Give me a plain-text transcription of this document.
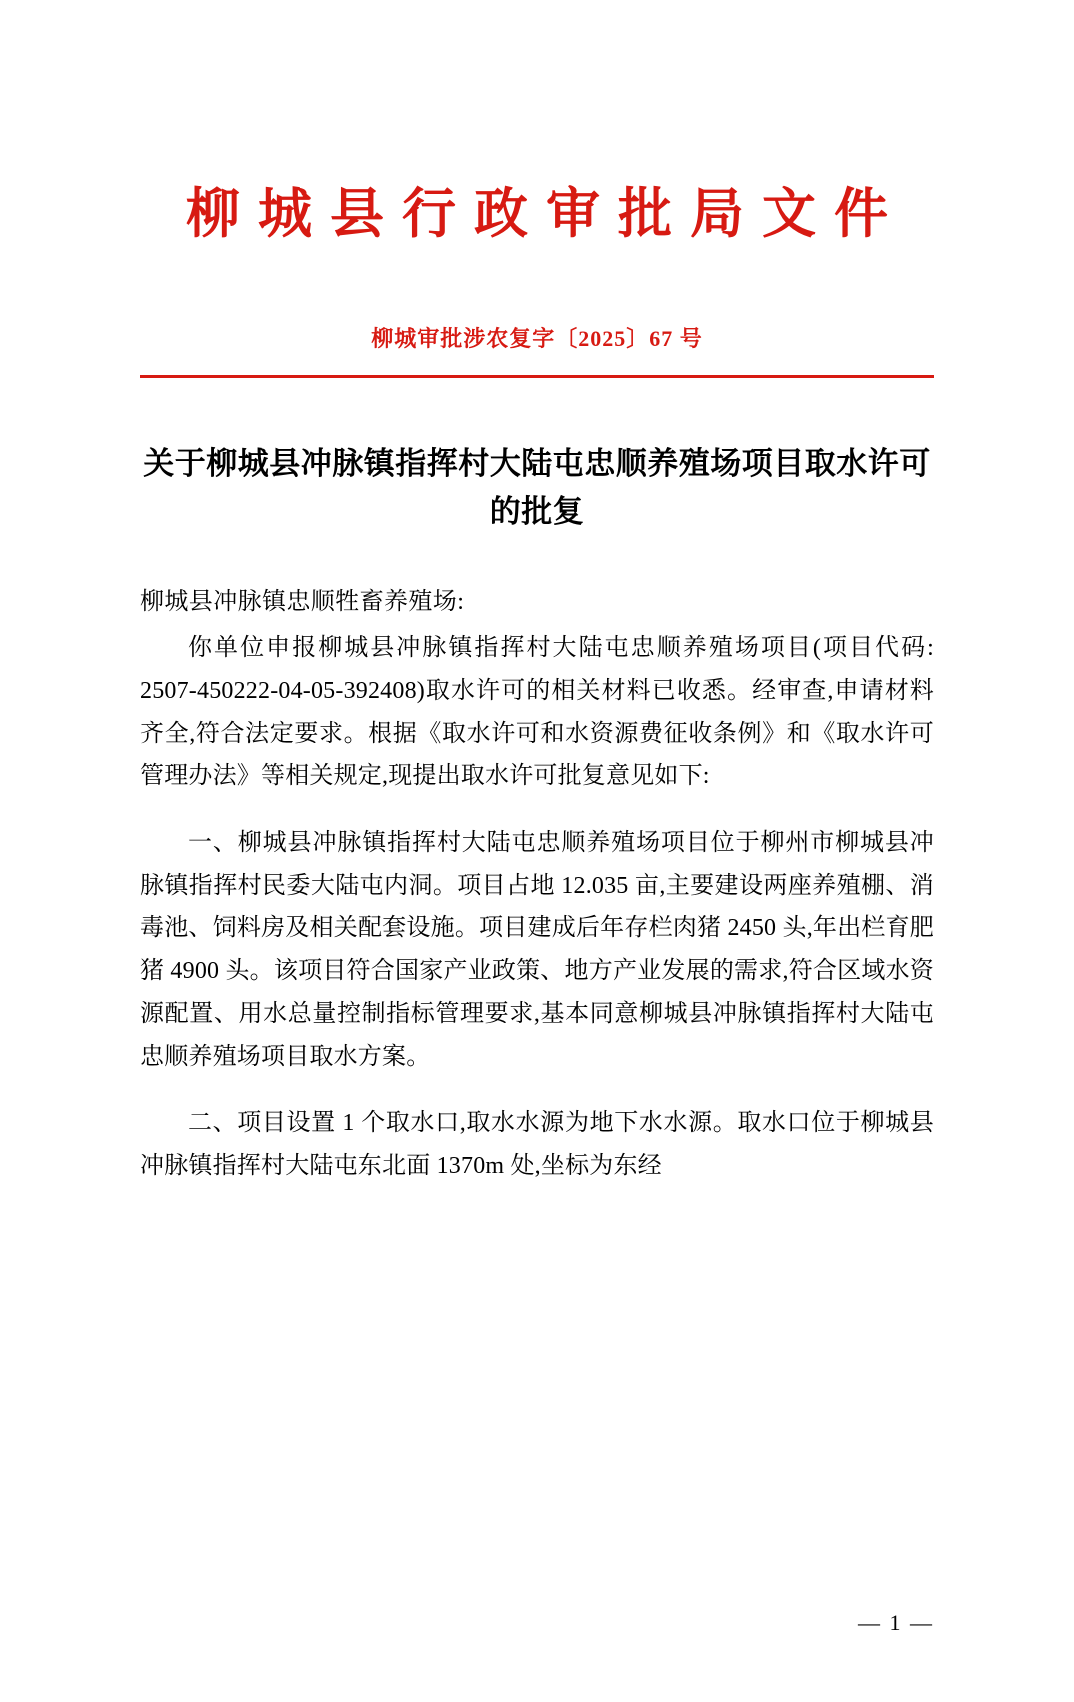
柳城县行政审批局文件
柳城审批涉农复字〔2025〕67 号
关于柳城县冲脉镇指挥村大陆屯忠顺养殖场项目取水许可的批复
柳城县冲脉镇忠顺牲畜养殖场:

你单位申报柳城县冲脉镇指挥村大陆屯忠顺养殖场项目(项目代码: 2507-450222-04-05-392408)取水许可的相关材料已收悉。经审查,申请材料齐全,符合法定要求。根据《取水许可和水资源费征收条例》和《取水许可管理办法》等相关规定,现提出取水许可批复意见如下:

一、柳城县冲脉镇指挥村大陆屯忠顺养殖场项目位于柳州市柳城县冲脉镇指挥村民委大陆屯内洞。项目占地 12.035 亩,主要建设两座养殖棚、消毒池、饲料房及相关配套设施。项目建成后年存栏肉猪 2450 头,年出栏育肥猪 4900 头。该项目符合国家产业政策、地方产业发展的需求,符合区域水资源配置、用水总量控制指标管理要求,基本同意柳城县冲脉镇指挥村大陆屯忠顺养殖场项目取水方案。

二、项目设置 1 个取水口,取水水源为地下水水源。取水口位于柳城县冲脉镇指挥村大陆屯东北面 1370m 处,坐标为东经

— 1 —
